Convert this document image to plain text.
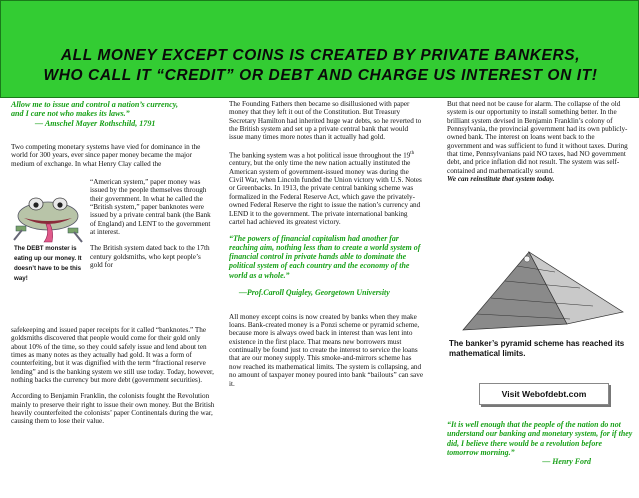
ALL MONEY EXCEPT COINS IS CREATED BY PRIVATE BANKERS,
WHO CALL IT “CREDIT” OR DEBT AND CHARGE US INTEREST ON IT!
Allow me to issue and control a nation’s currency,
and I care not who makes its laws.”
— Amschel Mayer Rothschild, 1791
Two competing monetary systems have vied for dominance in the world for 300 years, ever since paper money became the major medium of exchange. In what Henry Clay called the
The DEBT monster is eating up our money. It doesn’t have to be this way!

“American system,” paper money was issued by the people themselves through their government. In what he called the “British system,” paper banknotes were issued by a private central bank (the Bank of England) and LENT to the government at interest.

The British system dated back to the 17th century goldsmiths, who kept people’s gold for

safekeeping and issued paper receipts for it called “banknotes.” The goldsmiths discovered that people would come for their gold only about 10% of the time, so they could safely issue and lend about ten times as many notes as they actually had gold. It was a form of counterfeiting, but it was dignified with the term “fractional reserve lending” and is the banking system we still use today. Today, however, nothing backs the currency but more debt (government securities).

According to Benjamin Franklin, the colonists fought the Revolution mainly to preserve their right to issue their own money. But the British heavily counterfeited the colonists’ paper Continentals during the war, causing them to lose their value.

The Founding Fathers then became so disillusioned with paper money that they left it out of the Constitution. But Treasury Secretary Hamilton had inherited huge war debts, so he reverted to the British system and set up a private central bank that would issue many times more notes than it actually had gold.

The banking system was a hot political issue throughout the 19th century, but the only time the new nation actually instituted the American system of government-issued money was during the Civil War, when Lincoln funded the Union victory with U.S. Notes or Greenbacks. In 1913, the private central banking scheme was formalized in the Federal Reserve Act, which gave the privately-owned Federal Reserve the right to issue the nation’s currency and LEND it to the government. The private international banking cartel had achieved its greatest victory.

“The powers of financial capitalism had another far reaching aim, nothing less than to create a world system of financial control in private hands able to dominate the political system of each country and the economy of the world as a whole.”

—Prof.Caroll Quigley, Georgetown University

All money except coins is now created by banks when they make loans. Bank-created money is a Ponzi scheme or pyramid scheme, because more is always owed back in interest than was lent into existence in the first place. That means new borrowers must continually be found just to create the interest to service the loans that are our money supply. This smoke-and-mirrors scheme has now reached its mathematical limits. The system is collapsing, and no amount of taxpayer money poured into bank “bailouts” can save it.

But that need not be cause for alarm. The collapse of the old system is our opportunity to install something better. In the brilliant system devised in Benjamin Franklin’s colony of Pennsylvania, the provincial government had its own publicly-owned bank. The interest on loans went back to the government and was sufficient to fund it without taxes. During that time, Pennsylvanians paid NO taxes, had NO government debt, and price inflation did not result. The system was self-contained and mathematically sound.

We can reinstitute that system today.

The banker’s pyramid scheme has reached its mathematical limits.
Visit Webofdebt.com
“It is well enough that the people of the nation do not understand our banking and monetary system, for if they did, I believe there would be a revolution before tomorrow morning.”
— Henry Ford
